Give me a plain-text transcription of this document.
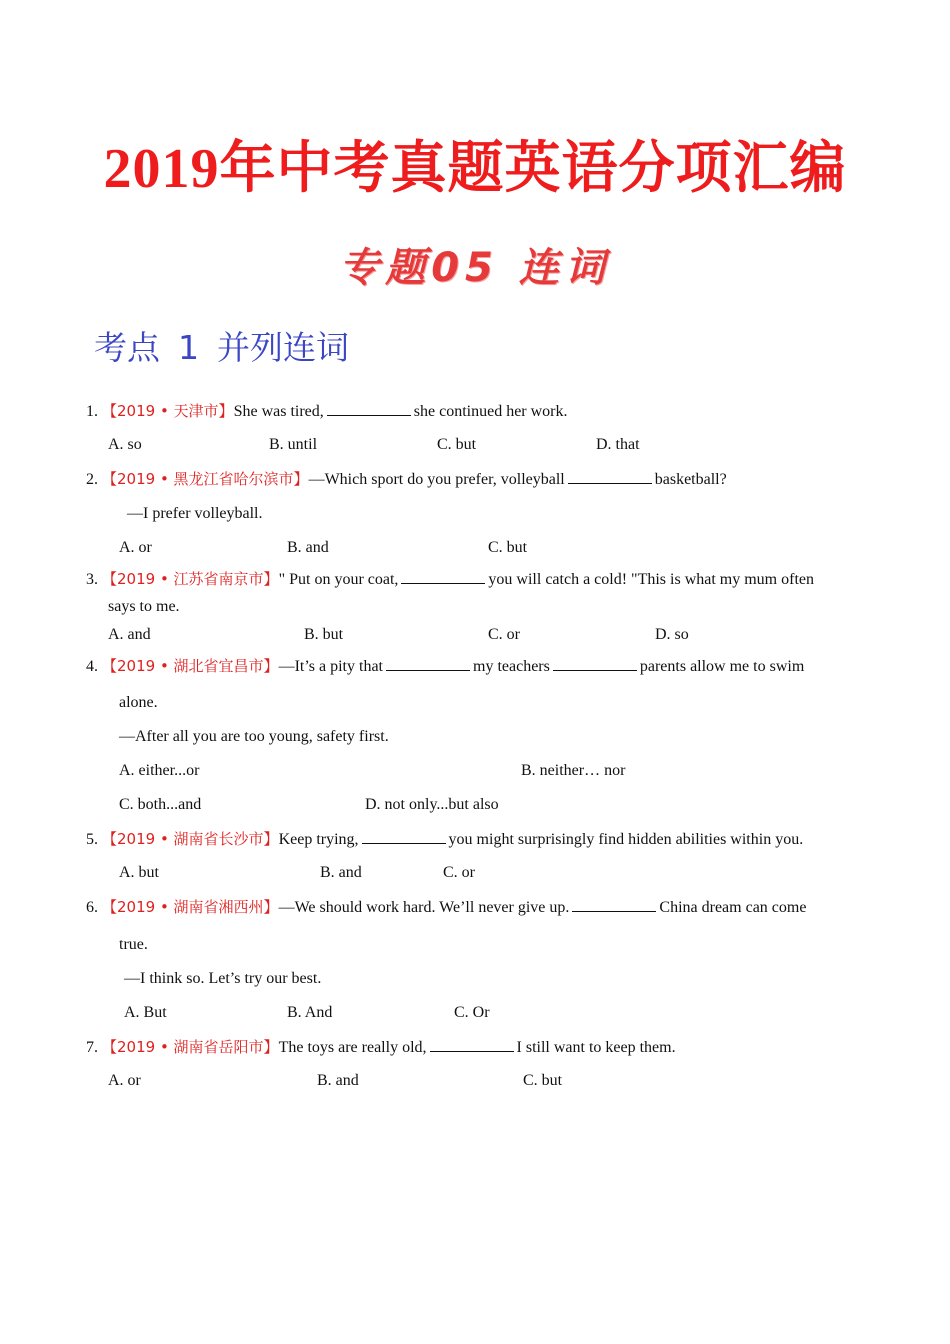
2019年中考真题英语分项汇编
专题05 连词
考点 1 并列连词
1. 【2019 • 天津市】She was tired,	she continued her work.
A. so	B. until	C. but	D. that
2. 【2019 • 黑龙江省哈尔滨市】—Which sport do you prefer, volleyball	basketball?
—I prefer volleyball.
A. or	B. and	C. but
3. 【2019 • 江苏省南京市】" Put on your coat,	you will catch a cold! "This is what my mum often
says to me.
A. and	B. but	C. or	D. so
4. 【2019 • 湖北省宜昌市】—It’s a pity that	my teachers	parents allow me to swim
alone.
—After all you are too young, safety first.
A. either...or	B. neither… nor
C. both...and	D. not only...but also
5. 【2019 • 湖南省长沙市】Keep trying,	you might surprisingly find hidden abilities within you.
A. but	B. and	C. or
6. 【2019 • 湖南省湘西州】—We should work hard. We’ll never give up.	China dream can come
true.
—I think so. Let’s try our best.
A. But	B. And	C. Or
7. 【2019 • 湖南省岳阳市】The toys are really old,	I still want to keep them.
A. or	B. and	C. but
